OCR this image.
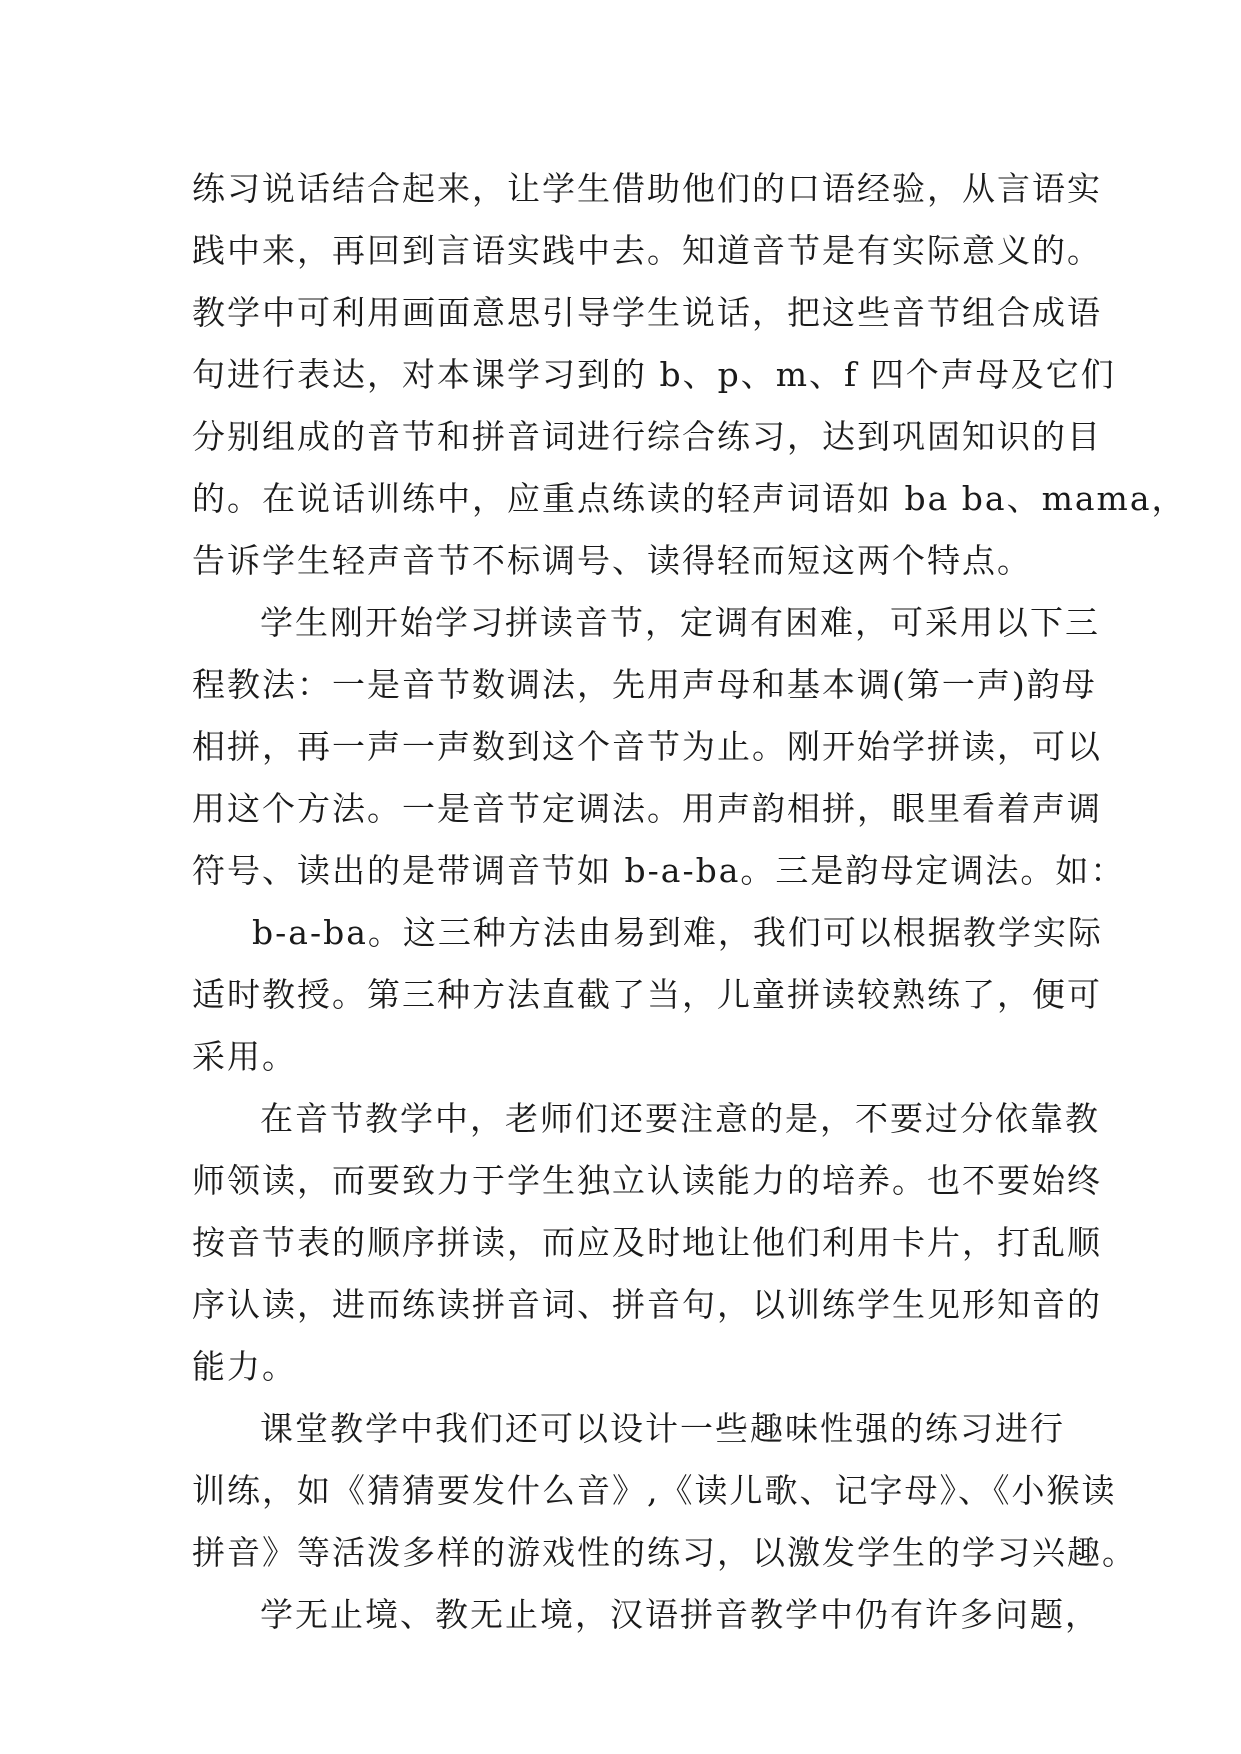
练习说话结合起来，让学生借助他们的口语经验，从言语实
践中来，再回到言语实践中去。知道音节是有实际意义的。
教学中可利用画面意思引导学生说话，把这些音节组合成语
句进行表达，对本课学习到的 b、p、m、f 四个声母及它们
分别组成的音节和拼音词进行综合练习，达到巩固知识的目
的。在说话训练中，应重点练读的轻声词语如 ba ba、mama，
告诉学生轻声音节不标调号、读得轻而短这两个特点。
学生刚开始学习拼读音节，定调有困难，可采用以下三
程教法：一是音节数调法，先用声母和基本调(第一声)韵母
相拼，再一声一声数到这个音节为止。刚开始学拼读，可以
用这个方法。一是音节定调法。用声韵相拼，眼里看着声调
符号、读出的是带调音节如 b-a-ba。三是韵母定调法。如：
b-a-ba。这三种方法由易到难，我们可以根据教学实际
适时教授。第三种方法直截了当，儿童拼读较熟练了，便可
采用。
在音节教学中，老师们还要注意的是，不要过分依靠教
师领读，而要致力于学生独立认读能力的培养。也不要始终
按音节表的顺序拼读，而应及时地让他们利用卡片，打乱顺
序认读，进而练读拼音词、拼音句，以训练学生见形知音的
能力。
课堂教学中我们还可以设计一些趣味性强的练习进行
训练，如《猜猜要发什么音》,《读儿歌、记字母》、《小猴读
拼音》等活泼多样的游戏性的练习，以激发学生的学习兴趣。
学无止境、教无止境，汉语拼音教学中仍有许多问题，
